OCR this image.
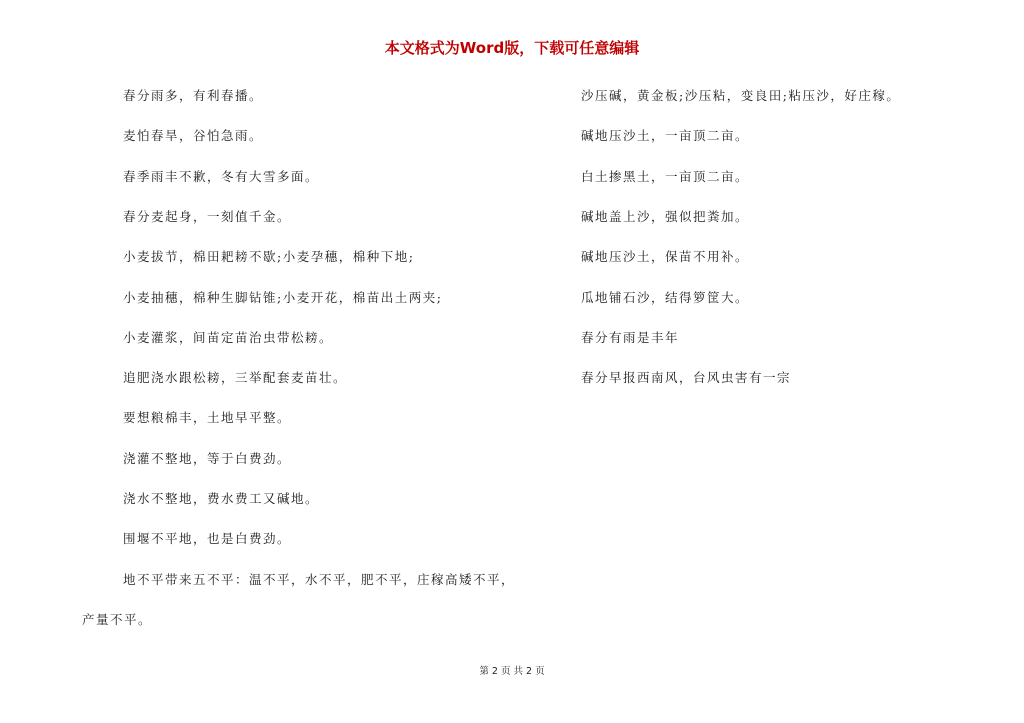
本文格式为Word版，下载可任意编辑
春分雨多，有利春播。
麦怕春旱，谷怕急雨。
春季雨丰不歉，冬有大雪多面。
春分麦起身，一刻值千金。
小麦拔节，棉田耙耪不歇;小麦孕穗，棉种下地;
小麦抽穗，棉种生脚钻锥;小麦开花，棉苗出土两夹;
小麦灌浆，间苗定苗治虫带松耪。
追肥浇水跟松耪，三举配套麦苗壮。
要想粮棉丰，土地早平整。
浇灌不整地，等于白费劲。
浇水不整地，费水费工又碱地。
围堰不平地，也是白费劲。
地不平带来五不平：温不平，水不平，肥不平，庄稼高矮不平，
产量不平。
沙压碱，黄金板;沙压粘，变良田;粘压沙，好庄稼。
碱地压沙土，一亩顶二亩。
白土掺黑土，一亩顶二亩。
碱地盖上沙，强似把粪加。
碱地压沙土，保苗不用补。
瓜地铺石沙，结得箩筐大。
春分有雨是丰年
春分早报西南风，台风虫害有一宗
第 2 页 共 2 页
